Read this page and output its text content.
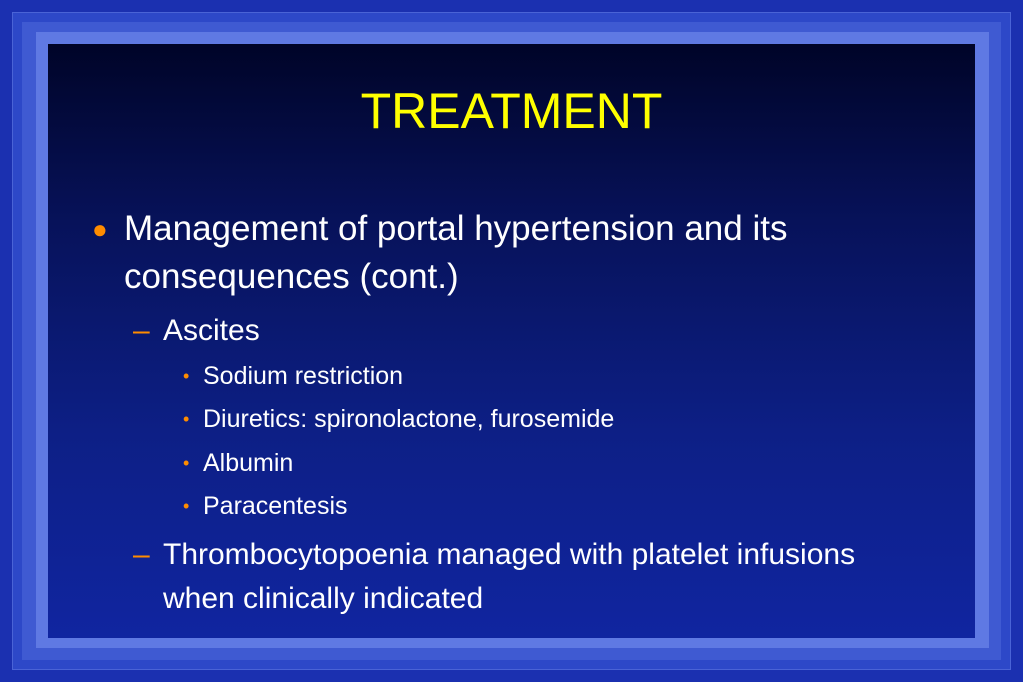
TREATMENT
● Management of portal hypertension and its consequences (cont.)
– Ascites
• Sodium restriction
• Diuretics: spironolactone, furosemide
• Albumin
• Paracentesis
– Thrombocytopoenia managed with platelet infusions when clinically indicated
